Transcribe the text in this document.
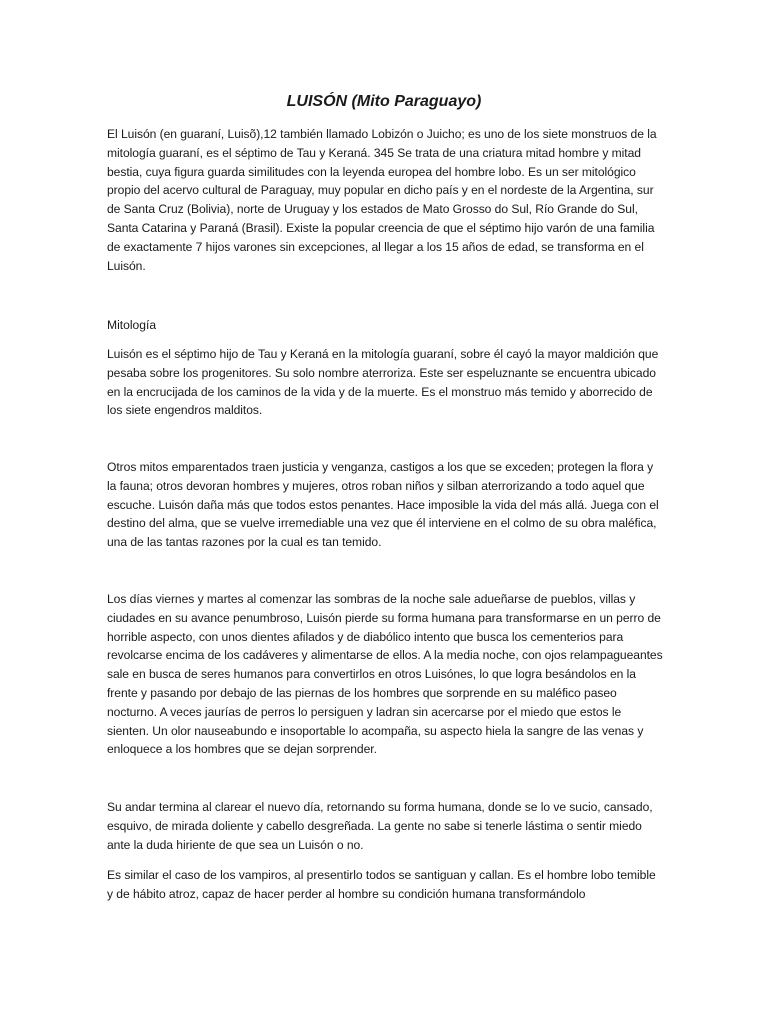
LUISÓN (Mito Paraguayo)

El Luisón (en guaraní, Luisõ),12 también llamado Lobizón o Juicho; es uno de los siete monstruos de la mitología guaraní, es el séptimo de Tau y Keraná. 345 Se trata de una criatura mitad hombre y mitad bestia, cuya figura guarda similitudes con la leyenda europea del hombre lobo. Es un ser mitológico propio del acervo cultural de Paraguay, muy popular en dicho país y en el nordeste de la Argentina, sur de Santa Cruz (Bolivia), norte de Uruguay y los estados de Mato Grosso do Sul, Río Grande do Sul, Santa Catarina y Paraná (Brasil). Existe la popular creencia de que el séptimo hijo varón de una familia de exactamente 7 hijos varones sin excepciones, al llegar a los 15 años de edad, se transforma en el Luisón.

Mitología

Luisón es el séptimo hijo de Tau y Keraná en la mitología guaraní, sobre él cayó la mayor maldición que pesaba sobre los progenitores. Su solo nombre aterroriza. Este ser espeluznante se encuentra ubicado en la encrucijada de los caminos de la vida y de la muerte. Es el monstruo más temido y aborrecido de los siete engendros malditos.

Otros mitos emparentados traen justicia y venganza, castigos a los que se exceden; protegen la flora y la fauna; otros devoran hombres y mujeres, otros roban niños y silban aterrorizando a todo aquel que escuche. Luisón daña más que todos estos penantes. Hace imposible la vida del más allá. Juega con el destino del alma, que se vuelve irremediable una vez que él interviene en el colmo de su obra maléfica, una de las tantas razones por la cual es tan temido.

Los días viernes y martes al comenzar las sombras de la noche sale adueñarse de pueblos, villas y ciudades en su avance penumbroso, Luisón pierde su forma humana para transformarse en un perro de horrible aspecto, con unos dientes afilados y de diabólico intento que busca los cementerios para revolcarse encima de los cadáveres y alimentarse de ellos. A la media noche, con ojos relampagueantes sale en busca de seres humanos para convertirlos en otros Luisónes, lo que logra besándolos en la frente y pasando por debajo de las piernas de los hombres que sorprende en su maléfico paseo nocturno. A veces jaurías de perros lo persiguen y ladran sin acercarse por el miedo que estos le sienten. Un olor nauseabundo e insoportable lo acompaña, su aspecto hiela la sangre de las venas y enloquece a los hombres que se dejan sorprender.

Su andar termina al clarear el nuevo día, retornando su forma humana, donde se lo ve sucio, cansado, esquivo, de mirada doliente y cabello desgreñada. La gente no sabe si tenerle lástima o sentir miedo ante la duda hiriente de que sea un Luisón o no.

Es similar el caso de los vampiros, al presentirlo todos se santiguan y callan. Es el hombre lobo temible y de hábito atroz, capaz de hacer perder al hombre su condición humana transformándolo
